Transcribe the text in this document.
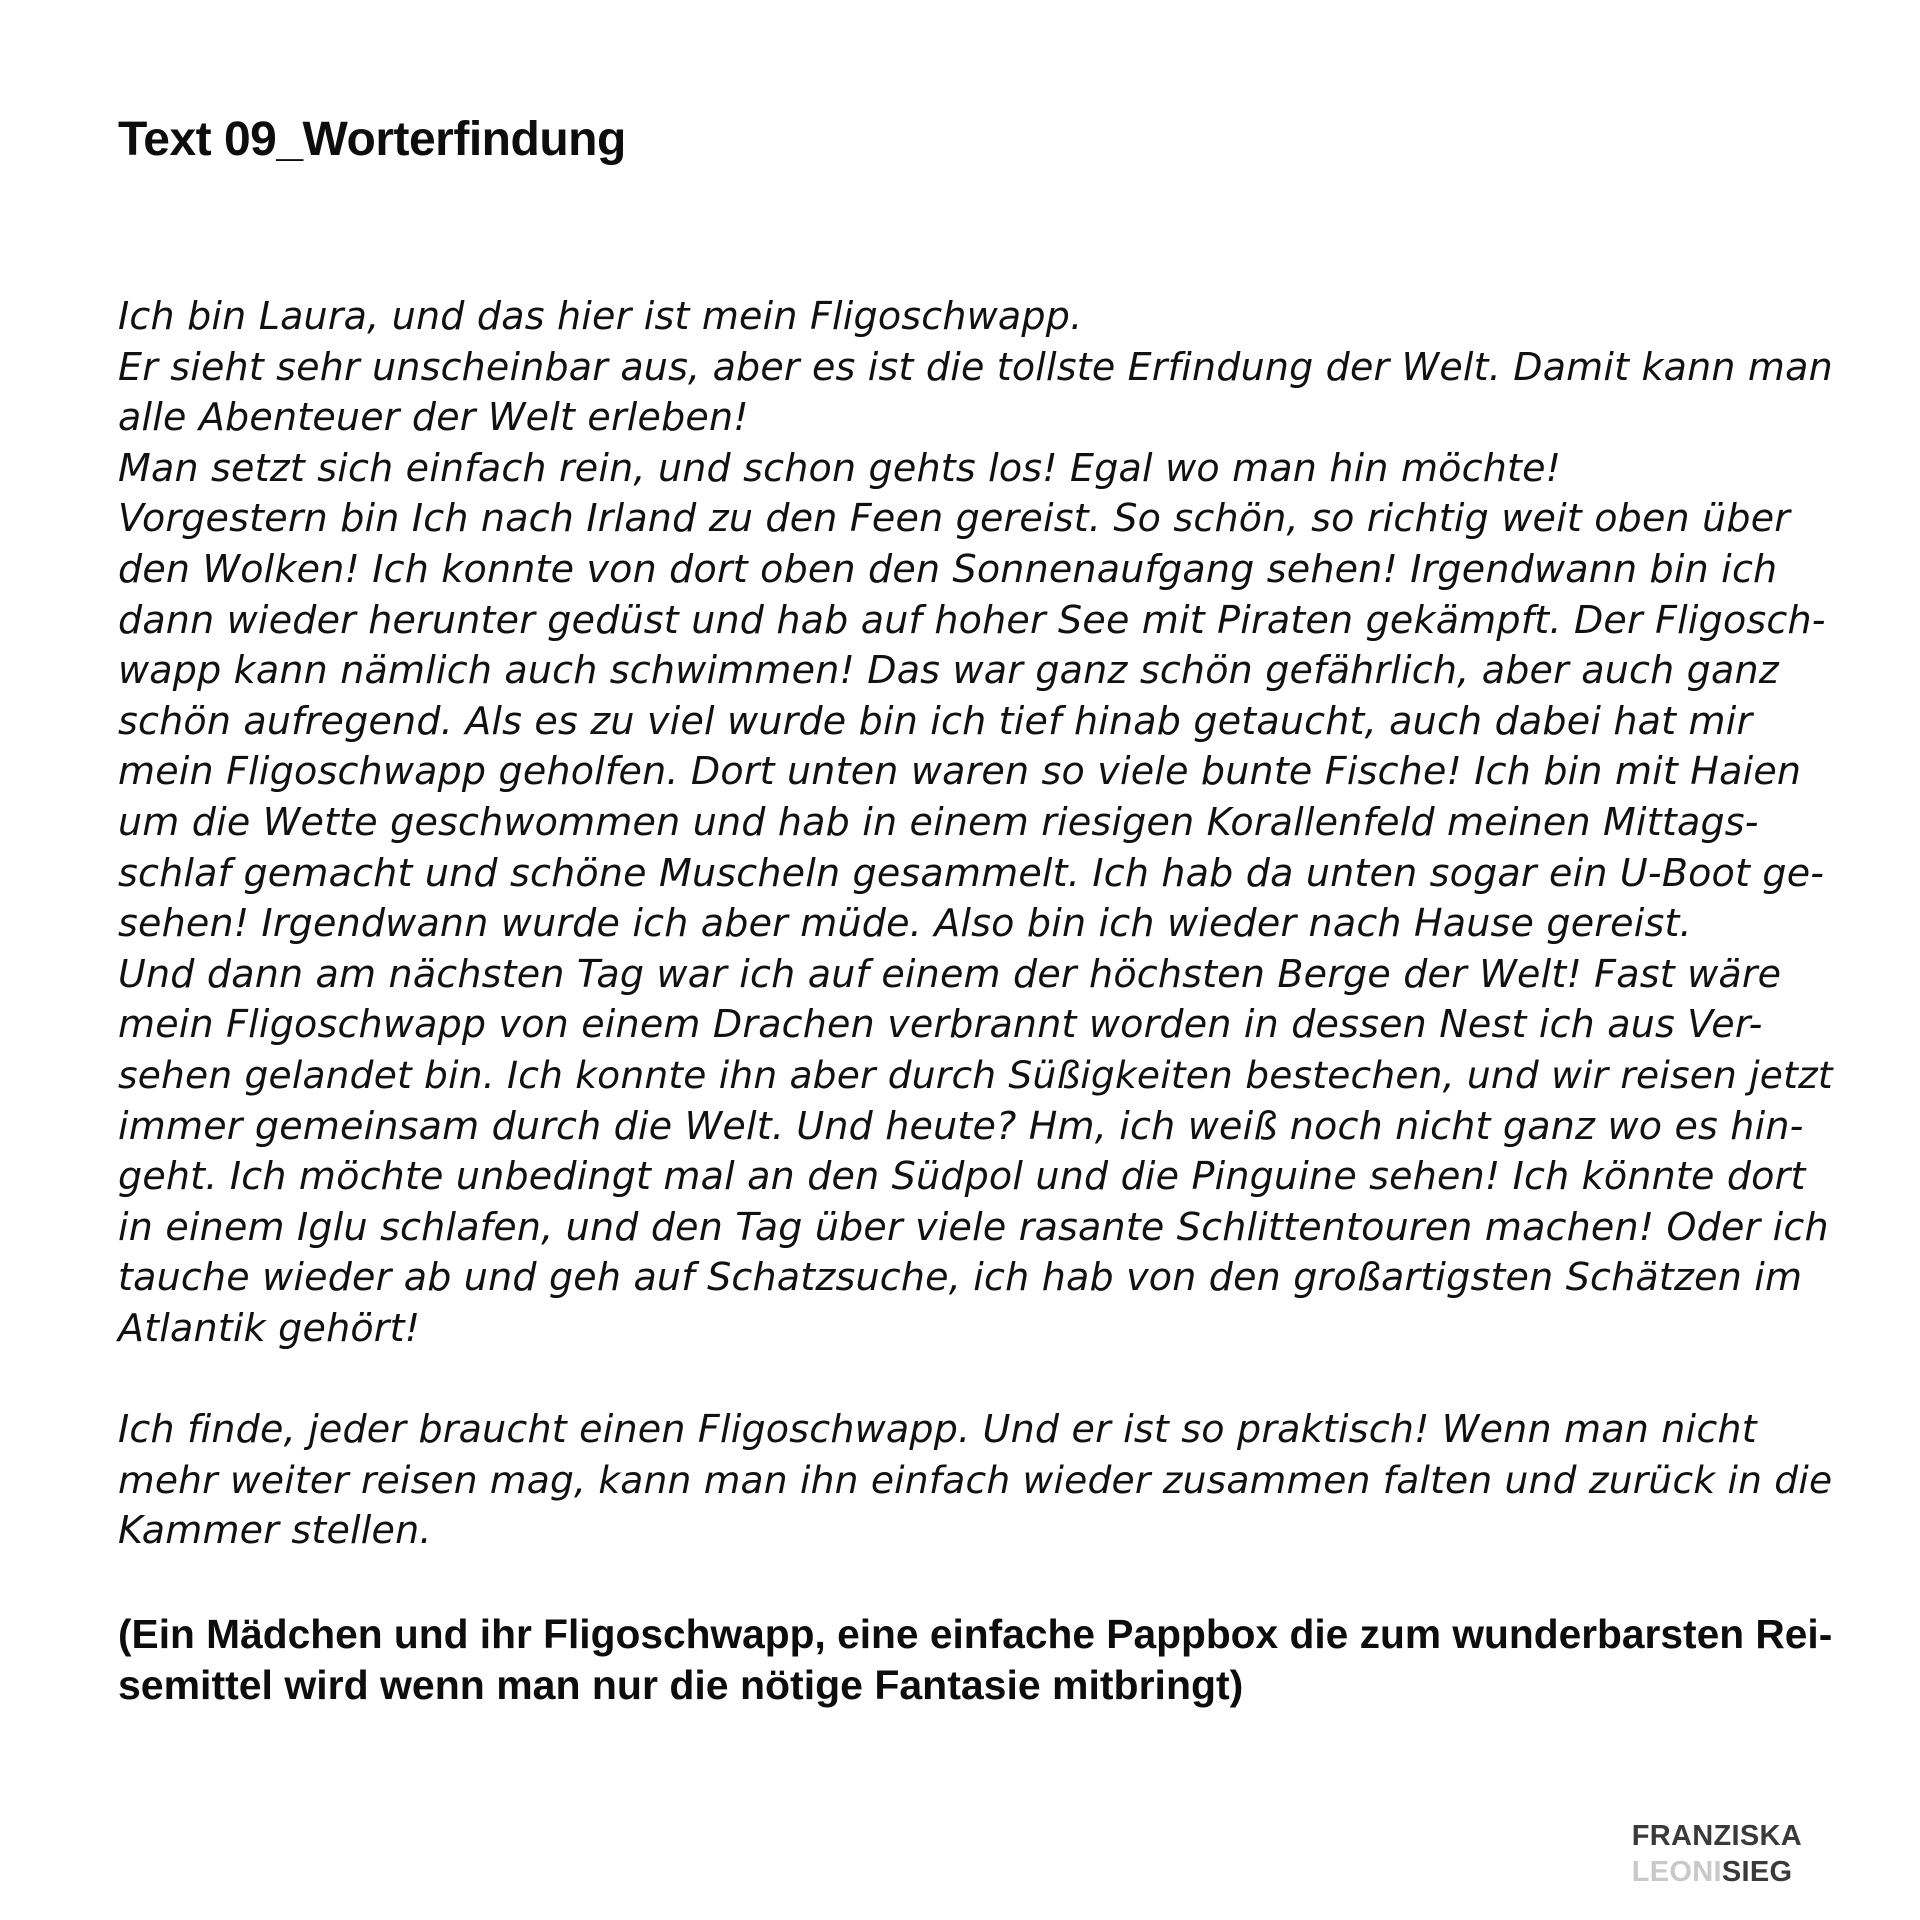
Text 09_Worterfindung
Ich bin Laura, und das hier ist mein Fligoschwapp.
Er sieht sehr unscheinbar aus, aber es ist die tollste Erfindung der Welt. Damit kann man
alle Abenteuer der Welt erleben!
Man setzt sich einfach rein, und schon gehts los! Egal wo man hin möchte!
Vorgestern bin Ich nach Irland zu den Feen gereist. So schön, so richtig weit oben über
den Wolken! Ich konnte von dort oben den Sonnenaufgang sehen! Irgendwann bin ich
dann wieder herunter gedüst und hab auf hoher See mit Piraten gekämpft. Der Fligosch-
wapp kann nämlich auch schwimmen! Das war ganz schön gefährlich, aber auch ganz
schön aufregend. Als es zu viel wurde bin ich tief hinab getaucht, auch dabei hat mir
mein Fligoschwapp geholfen. Dort unten waren so viele bunte Fische! Ich bin mit Haien
um die Wette geschwommen und hab in einem riesigen Korallenfeld meinen Mittags-
schlaf gemacht und schöne Muscheln gesammelt. Ich hab da unten sogar ein U-Boot ge-
sehen! Irgendwann wurde ich aber müde. Also bin ich wieder nach Hause gereist.
Und dann am nächsten Tag war ich auf einem der höchsten Berge der Welt! Fast wäre
mein Fligoschwapp von einem Drachen verbrannt worden in dessen Nest ich aus Ver-
sehen gelandet bin. Ich konnte ihn aber durch Süßigkeiten bestechen, und wir reisen jetzt
immer gemeinsam durch die Welt. Und heute? Hm, ich weiß noch nicht ganz wo es hin-
geht. Ich möchte unbedingt mal an den Südpol und die Pinguine sehen! Ich könnte dort
in einem Iglu schlafen, und den Tag über viele rasante Schlittentouren machen! Oder ich
tauche wieder ab und geh auf Schatzsuche, ich hab von den großartigsten Schätzen im
Atlantik gehört!
Ich finde, jeder braucht einen Fligoschwapp. Und er ist so praktisch! Wenn man nicht
mehr weiter reisen mag, kann man ihn einfach wieder zusammen falten und zurück in die
Kammer stellen.
(Ein Mädchen und ihr Fligoschwapp, eine einfache Pappbox die zum wunderbarsten Rei-
semittel wird wenn man nur die nötige Fantasie mitbringt)
FRANZISKA
LEONISIEG
